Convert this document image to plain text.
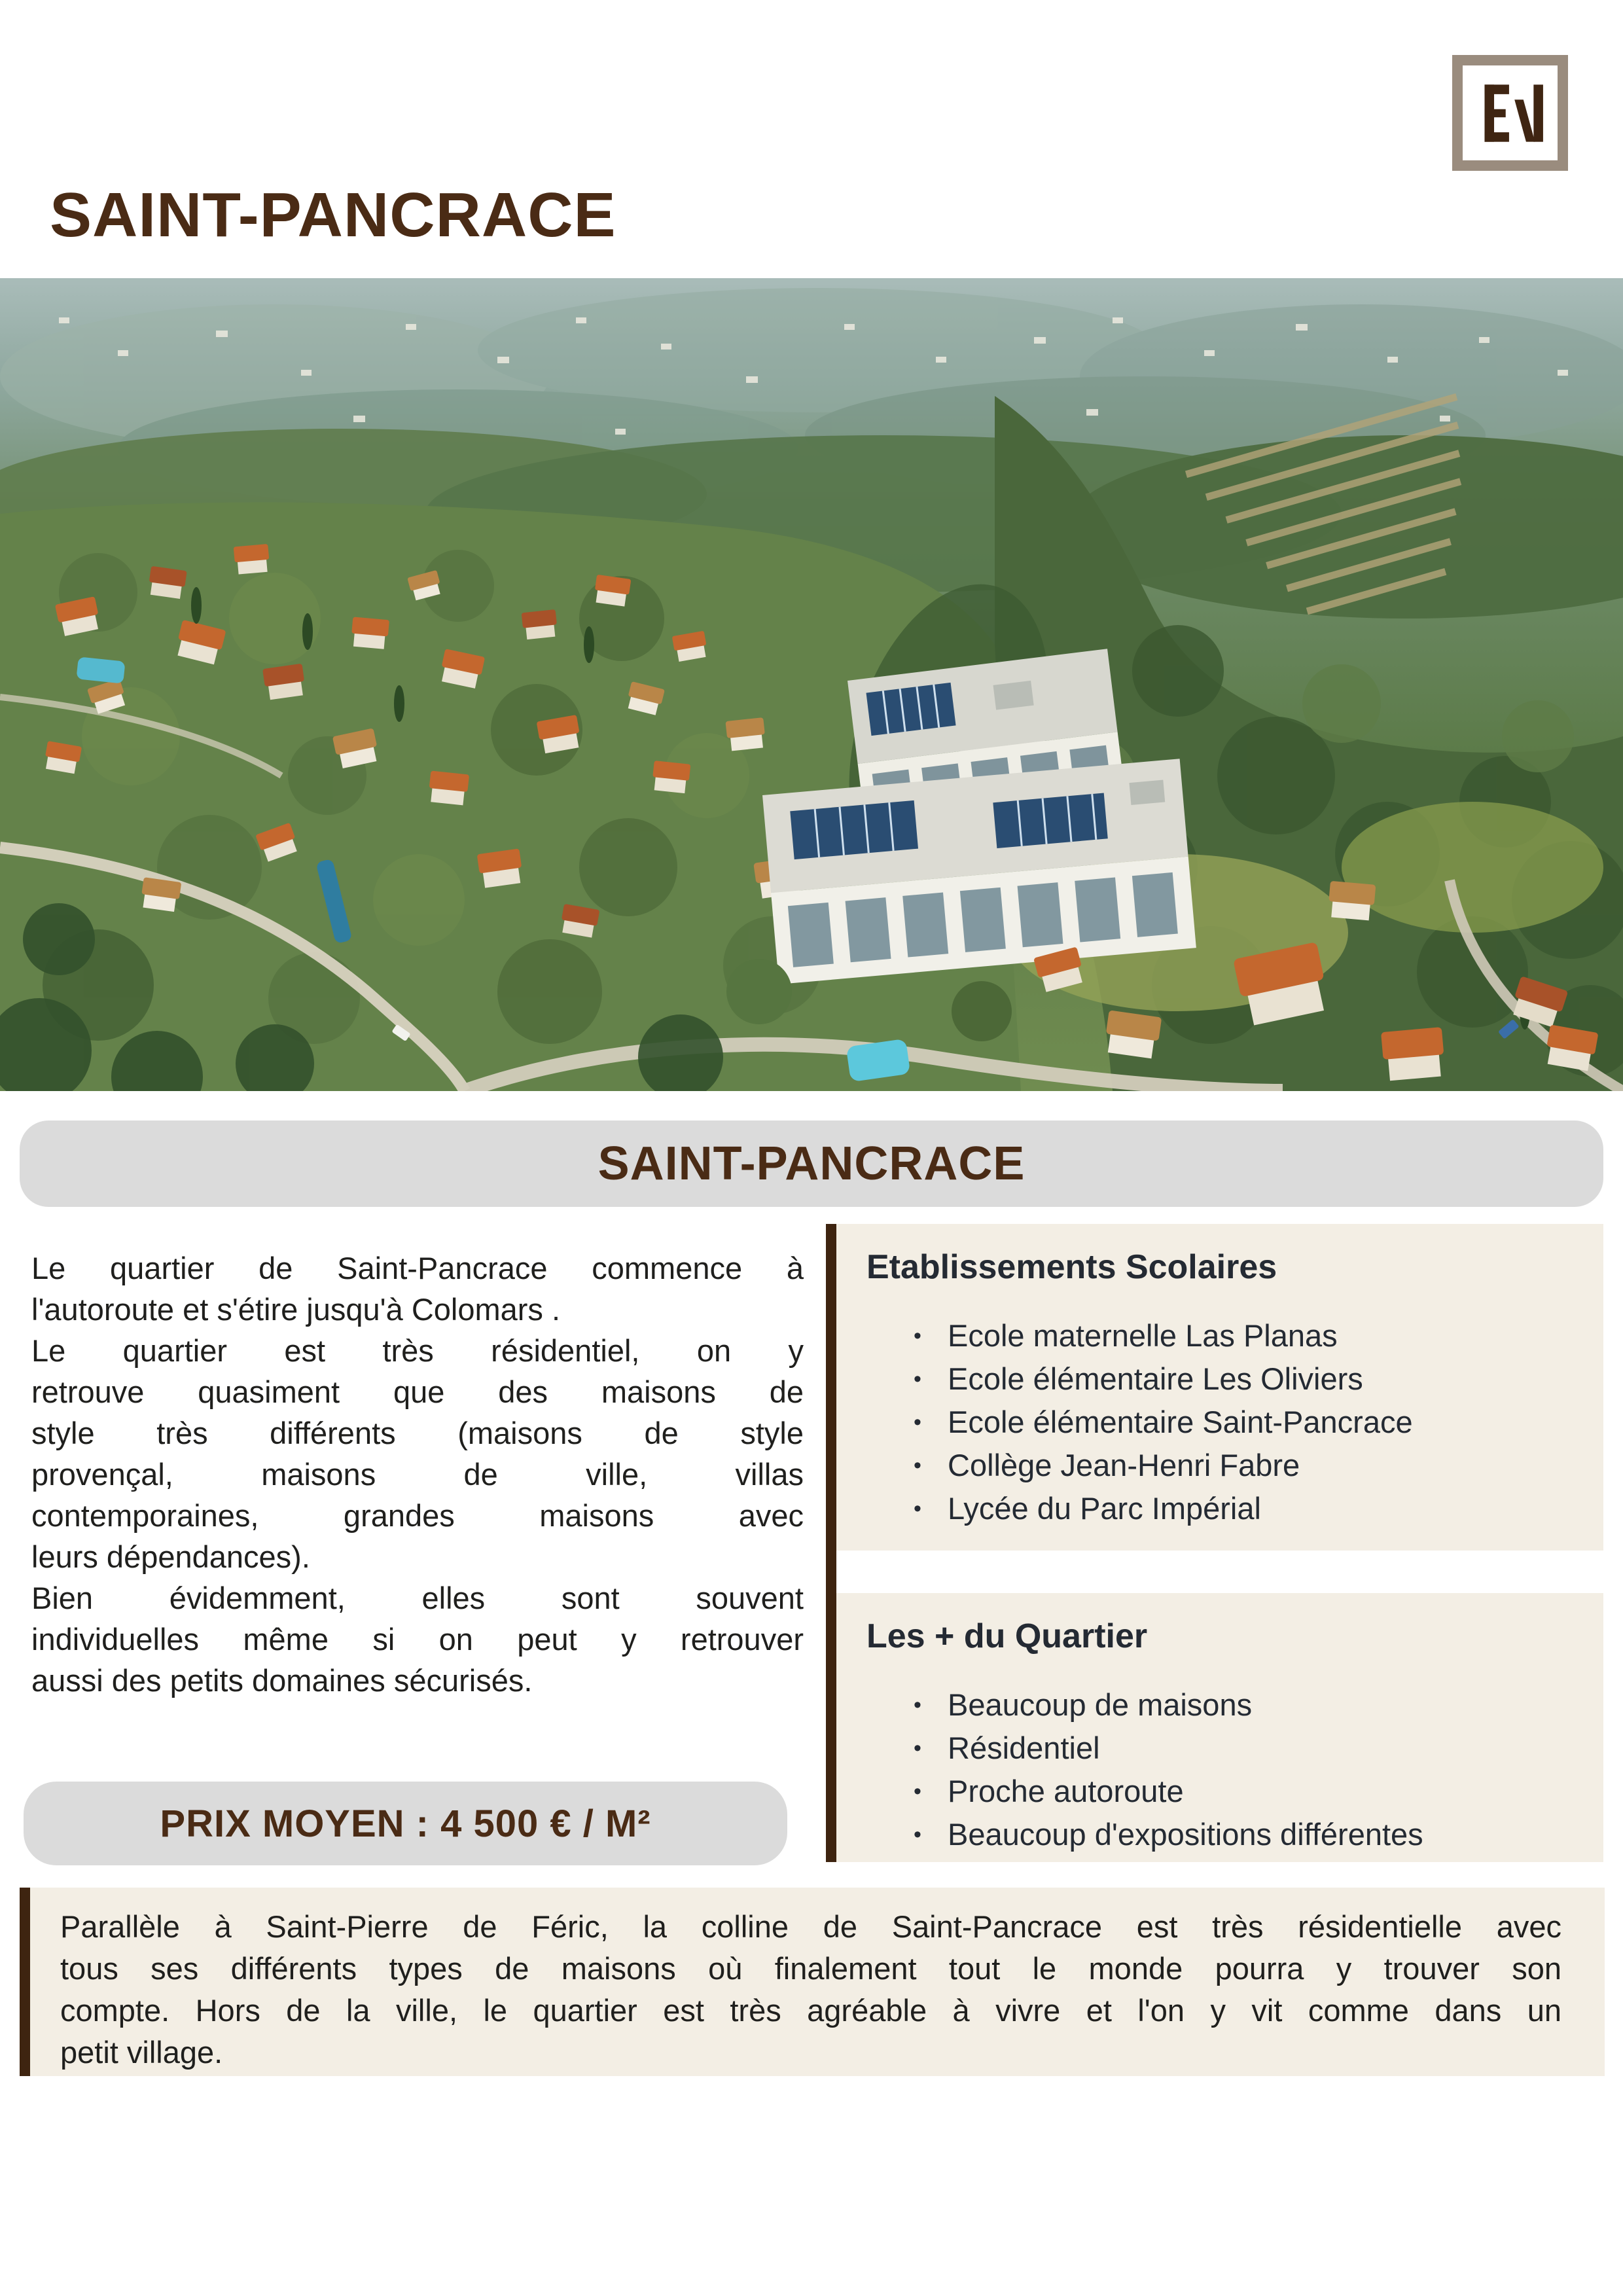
SAINT-PANCRACE
SAINT-PANCRACE
Le quartier de Saint-Pancrace commence à
l'autoroute et s'étire jusqu'à Colomars .
Le quartier est très résidentiel, on y
retrouve quasiment que des maisons de
style très différents (maisons de style
provençal, maisons de ville, villas
contemporaines, grandes maisons avec
leurs dépendances).
Bien évidemment, elles sont souvent
individuelles même si on peut y retrouver
aussi des petits domaines sécurisés.
Etablissements Scolaires
• Ecole maternelle Las Planas
• Ecole élémentaire Les Oliviers
• Ecole élémentaire Saint-Pancrace
• Collège Jean-Henri Fabre
• Lycée du Parc Impérial
Les + du Quartier
• Beaucoup de maisons
• Résidentiel
• Proche autoroute
• Beaucoup d'expositions différentes
PRIX MOYEN : 4 500 € / M²
Parallèle à Saint-Pierre de Féric, la colline de Saint-Pancrace est très résidentielle avec
tous ses différents types de maisons où finalement tout le monde pourra y trouver son
compte. Hors de la ville, le quartier est très agréable à vivre et l'on y vit comme dans un
petit village.
